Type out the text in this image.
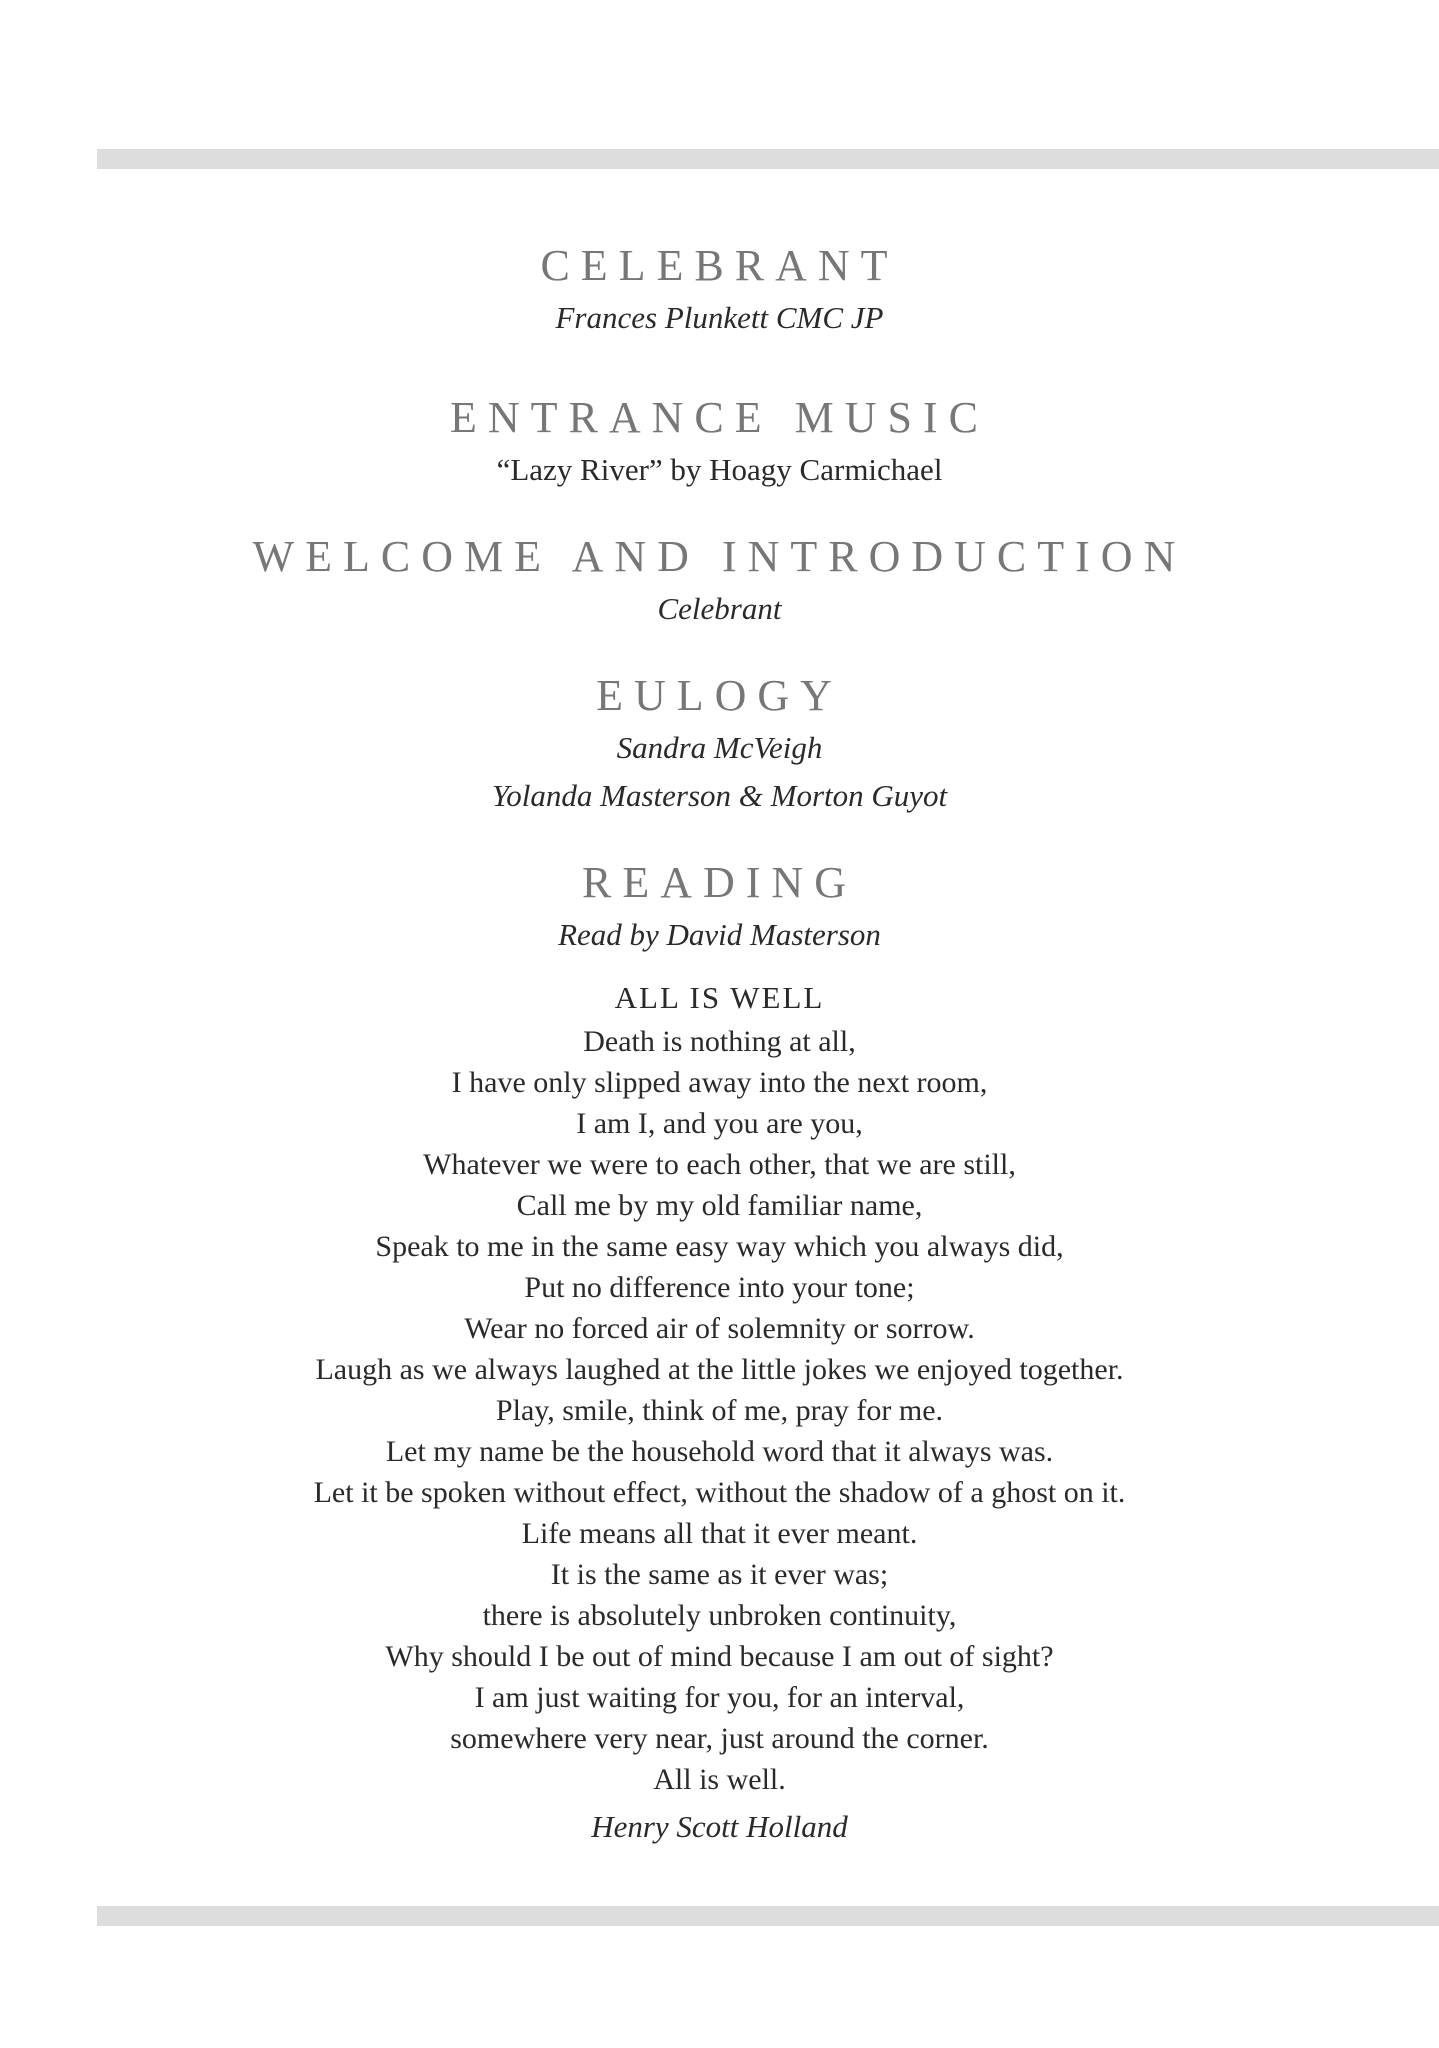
CELEBRANT

Frances Plunkett CMC JP

ENTRANCE MUSIC

“Lazy River” by Hoagy Carmichael

WELCOME AND INTRODUCTION

Celebrant

EULOGY

Sandra McVeigh

Yolanda Masterson & Morton Guyot

READING

Read by David Masterson

ALL IS WELL

Death is nothing at all,

I have only slipped away into the next room,

I am I, and you are you,

Whatever we were to each other, that we are still,

Call me by my old familiar name,

Speak to me in the same easy way which you always did,

Put no difference into your tone;

Wear no forced air of solemnity or sorrow.

Laugh as we always laughed at the little jokes we enjoyed together.

Play, smile, think of me, pray for me.

Let my name be the household word that it always was.

Let it be spoken without effect, without the shadow of a ghost on it.

Life means all that it ever meant.

It is the same as it ever was;

there is absolutely unbroken continuity,

Why should I be out of mind because I am out of sight?

I am just waiting for you, for an interval,

somewhere very near, just around the corner.

All is well.

Henry Scott Holland
